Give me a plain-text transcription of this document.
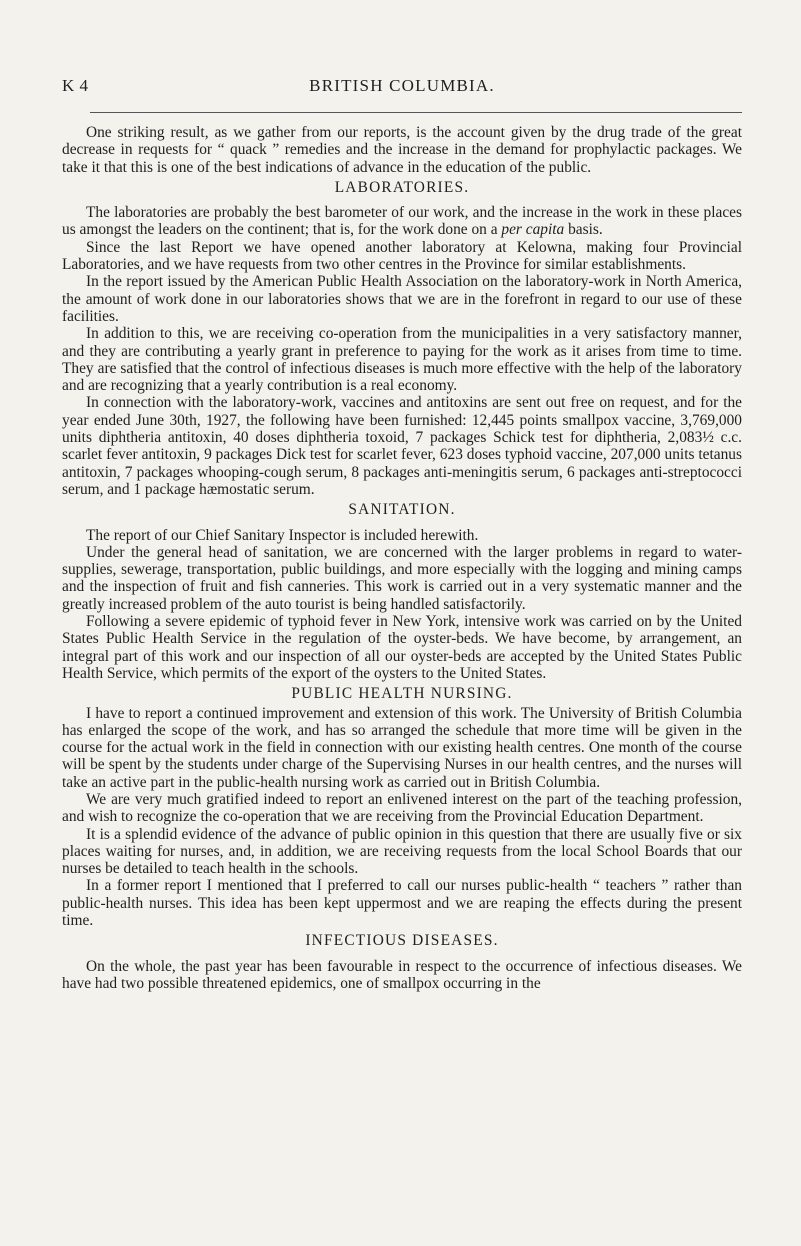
K 4	BRITISH COLUMBIA.

One striking result, as we gather from our reports, is the account given by the drug trade of the great decrease in requests for “ quack ” remedies and the increase in the demand for prophylactic packages. We take it that this is one of the best indications of advance in the education of the public.

LABORATORIES.

The laboratories are probably the best barometer of our work, and the increase in the work in these places us amongst the leaders on the continent; that is, for the work done on a per capita basis.

Since the last Report we have opened another laboratory at Kelowna, making four Provincial Laboratories, and we have requests from two other centres in the Province for similar establishments.

In the report issued by the American Public Health Association on the laboratory-work in North America, the amount of work done in our laboratories shows that we are in the forefront in regard to our use of these facilities.

In addition to this, we are receiving co-operation from the municipalities in a very satisfactory manner, and they are contributing a yearly grant in preference to paying for the work as it arises from time to time. They are satisfied that the control of infectious diseases is much more effective with the help of the laboratory and are recognizing that a yearly contribution is a real economy.

In connection with the laboratory-work, vaccines and antitoxins are sent out free on request, and for the year ended June 30th, 1927, the following have been furnished: 12,445 points smallpox vaccine, 3,769,000 units diphtheria antitoxin, 40 doses diphtheria toxoid, 7 packages Schick test for diphtheria, 2,083½ c.c. scarlet fever antitoxin, 9 packages Dick test for scarlet fever, 623 doses typhoid vaccine, 207,000 units tetanus antitoxin, 7 packages whooping-cough serum, 8 packages anti-meningitis serum, 6 packages anti-streptococci serum, and 1 package hæmostatic serum.

SANITATION.

The report of our Chief Sanitary Inspector is included herewith.

Under the general head of sanitation, we are concerned with the larger problems in regard to water-supplies, sewerage, transportation, public buildings, and more especially with the logging and mining camps and the inspection of fruit and fish canneries. This work is carried out in a very systematic manner and the greatly increased problem of the auto tourist is being handled satisfactorily.

Following a severe epidemic of typhoid fever in New York, intensive work was carried on by the United States Public Health Service in the regulation of the oyster-beds. We have become, by arrangement, an integral part of this work and our inspection of all our oyster-beds are accepted by the United States Public Health Service, which permits of the export of the oysters to the United States.

PUBLIC HEALTH NURSING.

I have to report a continued improvement and extension of this work. The University of British Columbia has enlarged the scope of the work, and has so arranged the schedule that more time will be given in the course for the actual work in the field in connection with our existing health centres. One month of the course will be spent by the students under charge of the Supervising Nurses in our health centres, and the nurses will take an active part in the public-health nursing work as carried out in British Columbia.

We are very much gratified indeed to report an enlivened interest on the part of the teaching profession, and wish to recognize the co-operation that we are receiving from the Provincial Education Department.

It is a splendid evidence of the advance of public opinion in this question that there are usually five or six places waiting for nurses, and, in addition, we are receiving requests from the local School Boards that our nurses be detailed to teach health in the schools.

In a former report I mentioned that I preferred to call our nurses public-health “ teachers ” rather than public-health nurses. This idea has been kept uppermost and we are reaping the effects during the present time.

INFECTIOUS DISEASES.

On the whole, the past year has been favourable in respect to the occurrence of infectious diseases. We have had two possible threatened epidemics, one of smallpox occurring in the
